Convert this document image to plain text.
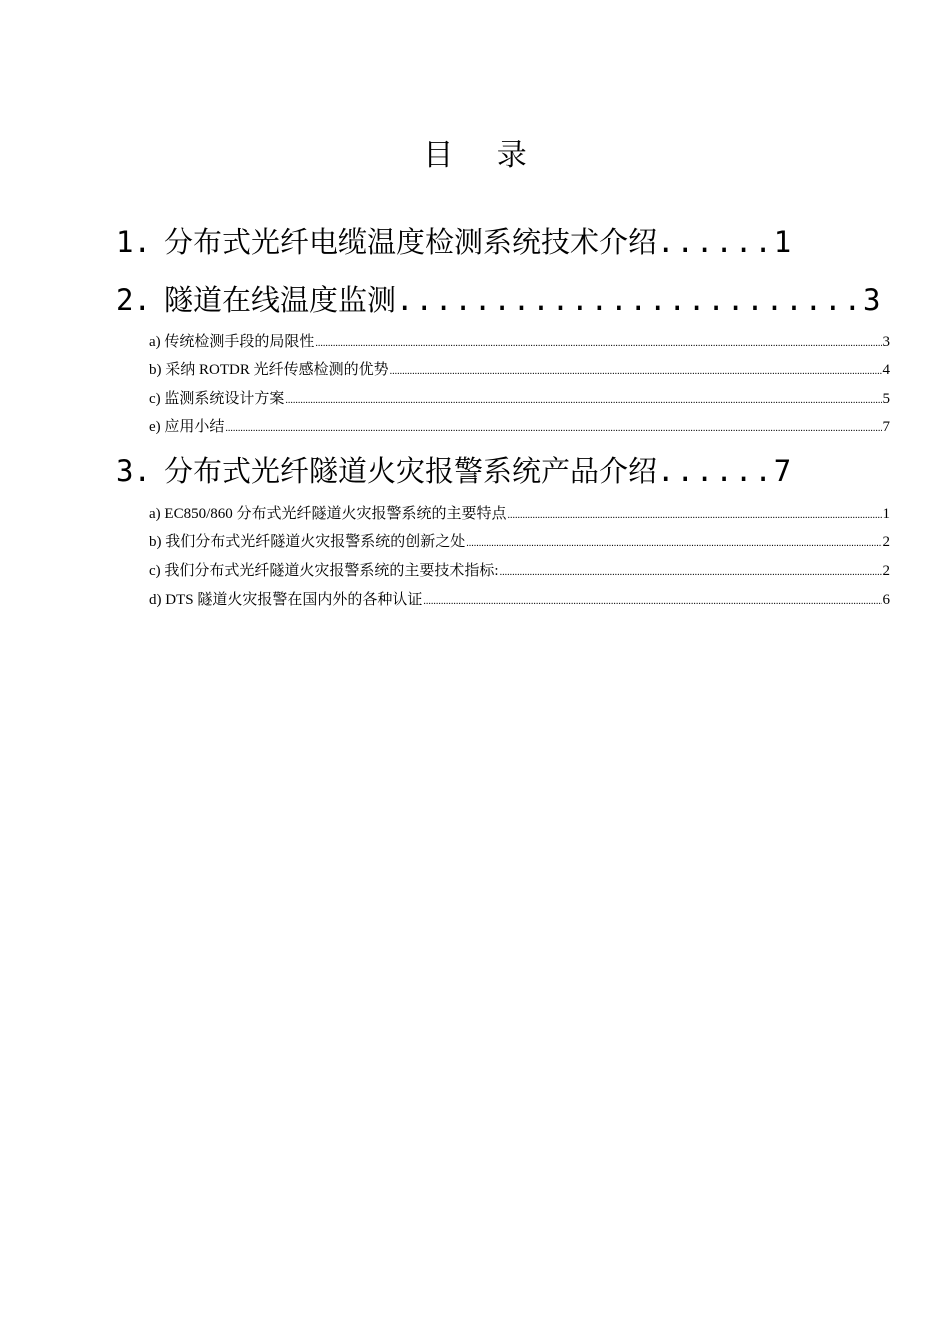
目 录
1. 分布式光纤电缆温度检测系统技术介绍 ...... 1
2. 隧道在线温度监测 ........................ 3
a) 传统检测手段的局限性 .....	3
b) 采纳 ROTDR 光纤传感检测的优势 .....	4
c) 监测系统设计方案 .....	5
e) 应用小结 .....	7
3. 分布式光纤隧道火灾报警系统产品介绍 ...... 7
a) EC850/860 分布式光纤隧道火灾报警系统的主要特点 .....	1
b) 我们分布式光纤隧道火灾报警系统的创新之处 .....	2
c) 我们分布式光纤隧道火灾报警系统的主要技术指标: .....	2
d) DTS 隧道火灾报警在国内外的各种认证 .....	6
